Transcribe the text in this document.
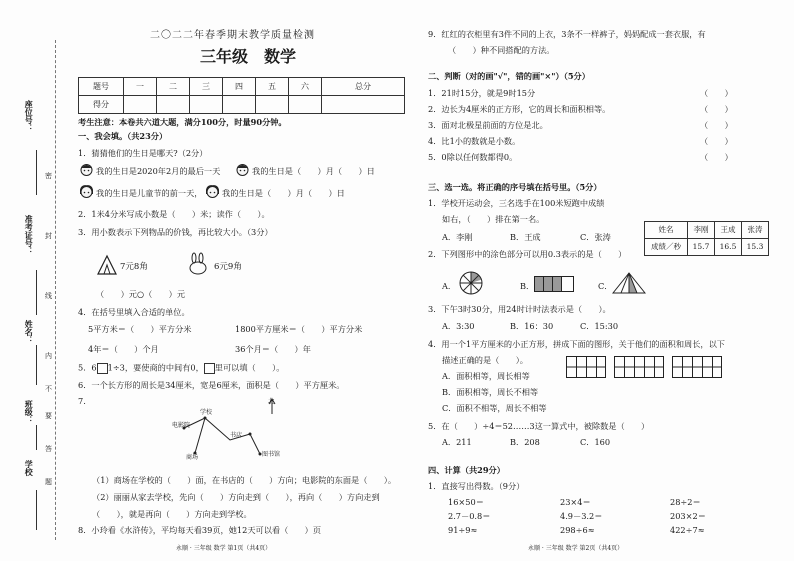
座位号：
准考证号：
姓名：
班级：
学校
密
封
线
内
不
要
答
题
二〇二二年春季期末教学质量检测
三年级　数学
题号	一	二	三	四	五	六	总分
得分							
考生注意：本卷共六道大题，满分100分，时量90分钟。
一、我会填。（共23分）
1．猜猜他们的生日是哪天?（2分）
我的生日是2020年2月的最后一天	我的生日是（　　）月（　　）日
我的生日是儿童节的前一天， 我的生日是（　　）月（　　）日
2．1米4分米写成小数是（　　）米；读作（　　）。
3．用小数表示下列物品的价钱，再比较大小。（3分）
7元8角	6元9角
（　　）元○（　　）元
4．在括号里填入合适的单位。
5平方米＝（　　）平方分米	1800平方厘米＝（　　）平方分米
4年＝（　　）个月	36个月＝（　　）年
5．6 1÷3，要使商的中间有0， 里可以填（　　）。
6．一个长方形的周长是34厘米，宽是6厘米，面积是（　　）平方厘米。
7.	北
学校
电影院
书店
商场	图书馆
（1）商场在学校的（　　）面，在书店的（　　）方向；电影院的东面是（　　）。
（2）丽丽从家去学校，先向（　　）方向走到（　　），再向（　　）方向走到
（　　），就是再向（　　）方向走到学校。
8．小玲看《水浒传》，平均每天看39页，她12天可以看（　　）页
永顺 · 三年级 数学 第1页（共4页）
9．红红的衣柜里有3件不同的上衣，3条不一样裤子，妈妈配成一套衣服，有
（　　）种不同搭配的方法。
二、判断（对的画"√"，错的画"×"）（5分）
1．21时15分，就是9时15分	（　　）
2．边长为4厘米的正方形，它的周长和面积相等。	（　　）
3．面对北极星前面的方位是北。	（　　）
4．比1小的数就是小数。	（　　）
5．0除以任何数都得0。	（　　）
三、选一选。将正确的序号填在括号里。（5分）
1．学校开运动会，三名选手在100米短跑中成绩
如右，（　　）排在第一名。
A．李刚	B．王成	C．张涛
姓名	李刚	王成	张涛
成绩／秒	15.7	16.5	15.3
2．下列图形中的涂色部分可以用0.3表示的是（　　）
A．	B．	C．
3．下午3时30分，用24时计时法表示是（　　）。
A．3:30	B．16：30	C．15:30
4．用一个1平方厘米的小正方形，拼成下面的图形，关于他们的面积和周长，以下
描述正确的是（　　）。
A．面积相等，周长相等
B．面积相等，周长不相等
C．面积不相等，周长不相等
5．在（　　）÷4＝52……3这一算式中，被除数是（　　）
A．211	B．208	C．160
四、计算（共29分）
1．直接写出得数。（9分）
16×50＝	23×4＝	28÷2＝
2.7－0.8＝	4.9－3.2＝	203×2＝
91÷9≈	298÷6≈	422÷7≈
永顺 · 三年级 数学 第2页（共4页）
